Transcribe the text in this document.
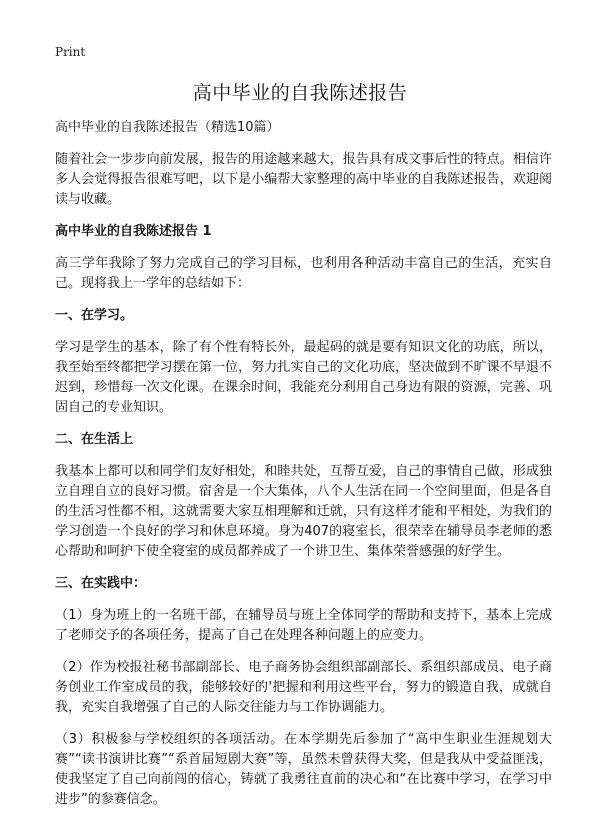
Print
高中毕业的自我陈述报告
高中毕业的自我陈述报告（精选10篇）

随着社会一步步向前发展，报告的用途越来越大，报告具有成文事后性的特点。相信许多人会觉得报告很难写吧，以下是小编帮大家整理的高中毕业的自我陈述报告，欢迎阅读与收藏。

高中毕业的自我陈述报告 1

高三学年我除了努力完成自己的学习目标，也利用各种活动丰富自己的生活，充实自己。现将我上一学年的总结如下：

一、在学习。

学习是学生的基本，除了有个性有特长外，最起码的就是要有知识文化的功底，所以，我至始至终都把学习摆在第一位，努力扎实自己的文化功底，坚决做到不旷课不早退不迟到，珍惜每一次文化课。在课余时间，我能充分利用自己身边有限的资源，完善、巩固自己的专业知识。

二、在生活上

我基本上都可以和同学们友好相处，和睦共处，互帮互爱，自己的事情自己做，形成独立自理自立的良好习惯。宿舍是一个大集体，八个人生活在同一个空间里面，但是各自的生活习性都不相，这就需要大家互相理解和迁就，只有这样才能和平相处，为我们的学习创造一个良好的学习和休息环境。身为407的寝室长，很荣幸在辅导员李老师的悉心帮助和呵护下使全寝室的成员都养成了一个讲卫生、集体荣誉感强的好学生。

三、在实践中：

（1）身为班上的一名班干部，在辅导员与班上全体同学的帮助和支持下，基本上完成了老师交予的各项任务，提高了自己在处理各种问题上的应变力。

（2）作为校报社秘书部副部长、电子商务协会组织部副部长、系组织部成员、电子商务创业工作室成员的我，能够较好的'把握和利用这些平台，努力的锻造自我，成就自我，充实自我增强了自己的人际交往能力与工作协调能力。

（3）积极参与学校组织的各项活动。在本学期先后参加了“高中生职业生涯规划大赛”“读书演讲比赛”“系首届短剧大赛”等，虽然未曾获得大奖，但是我从中受益匪浅，使我坚定了自己向前闯的信心，铸就了我勇往直前的决心和“在比赛中学习，在学习中进步”的参赛信念。
